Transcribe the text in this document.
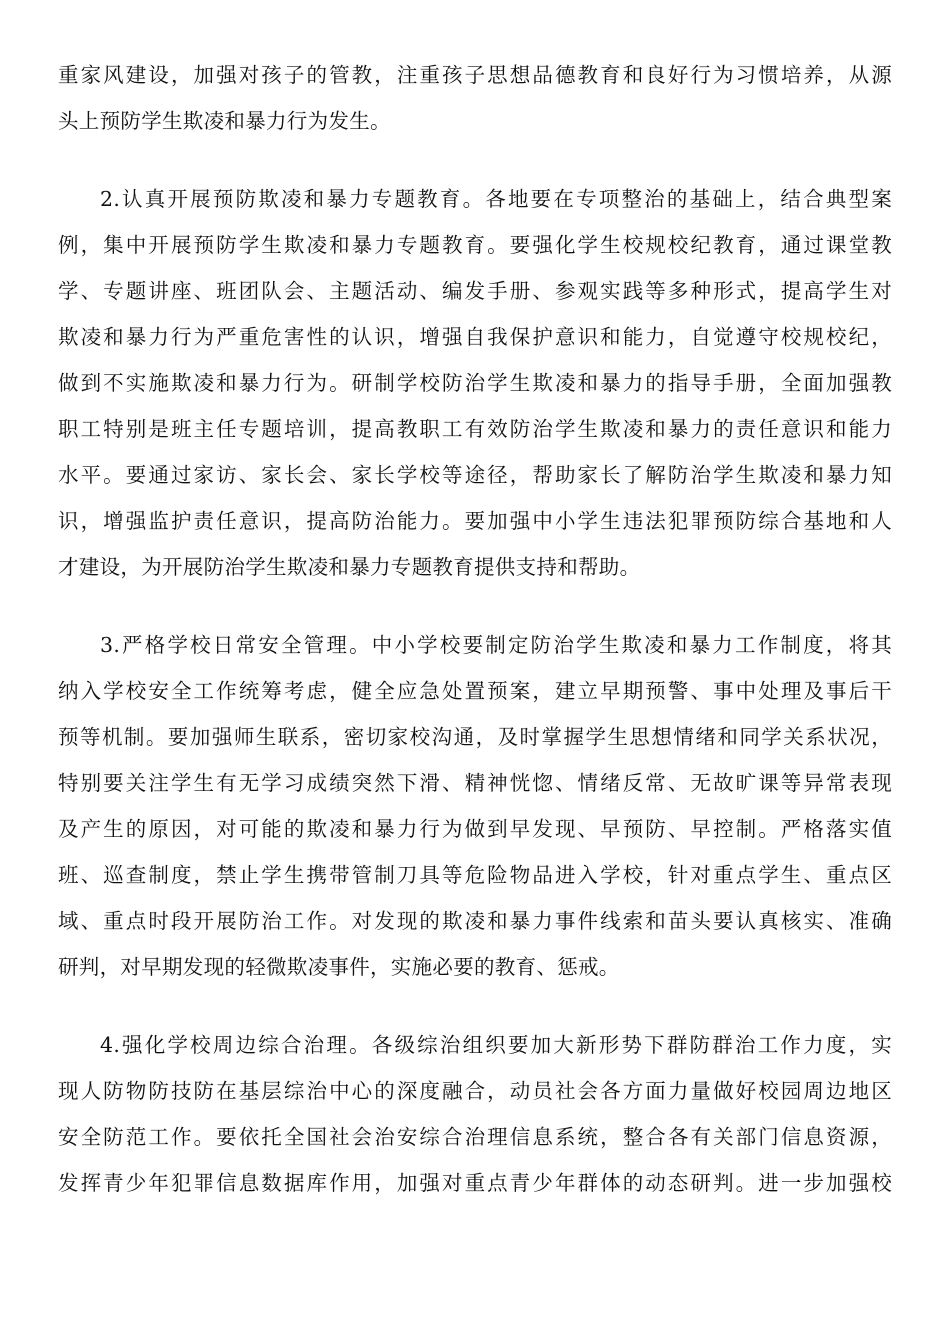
重家风建设，加强对孩子的管教，注重孩子思想品德教育和良好行为习惯培养，从源
头上预防学生欺凌和暴力行为发生。
2.认真开展预防欺凌和暴力专题教育。各地要在专项整治的基础上，结合典型案
例，集中开展预防学生欺凌和暴力专题教育。要强化学生校规校纪教育，通过课堂教
学、专题讲座、班团队会、主题活动、编发手册、参观实践等多种形式，提高学生对
欺凌和暴力行为严重危害性的认识，增强自我保护意识和能力，自觉遵守校规校纪，
做到不实施欺凌和暴力行为。研制学校防治学生欺凌和暴力的指导手册，全面加强教
职工特别是班主任专题培训，提高教职工有效防治学生欺凌和暴力的责任意识和能力
水平。要通过家访、家长会、家长学校等途径，帮助家长了解防治学生欺凌和暴力知
识，增强监护责任意识，提高防治能力。要加强中小学生违法犯罪预防综合基地和人
才建设，为开展防治学生欺凌和暴力专题教育提供支持和帮助。
3.严格学校日常安全管理。中小学校要制定防治学生欺凌和暴力工作制度，将其
纳入学校安全工作统筹考虑，健全应急处置预案，建立早期预警、事中处理及事后干
预等机制。要加强师生联系，密切家校沟通，及时掌握学生思想情绪和同学关系状况，
特别要关注学生有无学习成绩突然下滑、精神恍惚、情绪反常、无故旷课等异常表现
及产生的原因，对可能的欺凌和暴力行为做到早发现、早预防、早控制。严格落实值
班、巡查制度，禁止学生携带管制刀具等危险物品进入学校，针对重点学生、重点区
域、重点时段开展防治工作。对发现的欺凌和暴力事件线索和苗头要认真核实、准确
研判，对早期发现的轻微欺凌事件，实施必要的教育、惩戒。
4.强化学校周边综合治理。各级综治组织要加大新形势下群防群治工作力度，实
现人防物防技防在基层综治中心的深度融合，动员社会各方面力量做好校园周边地区
安全防范工作。要依托全国社会治安综合治理信息系统，整合各有关部门信息资源，
发挥青少年犯罪信息数据库作用，加强对重点青少年群体的动态研判。进一步加强校
